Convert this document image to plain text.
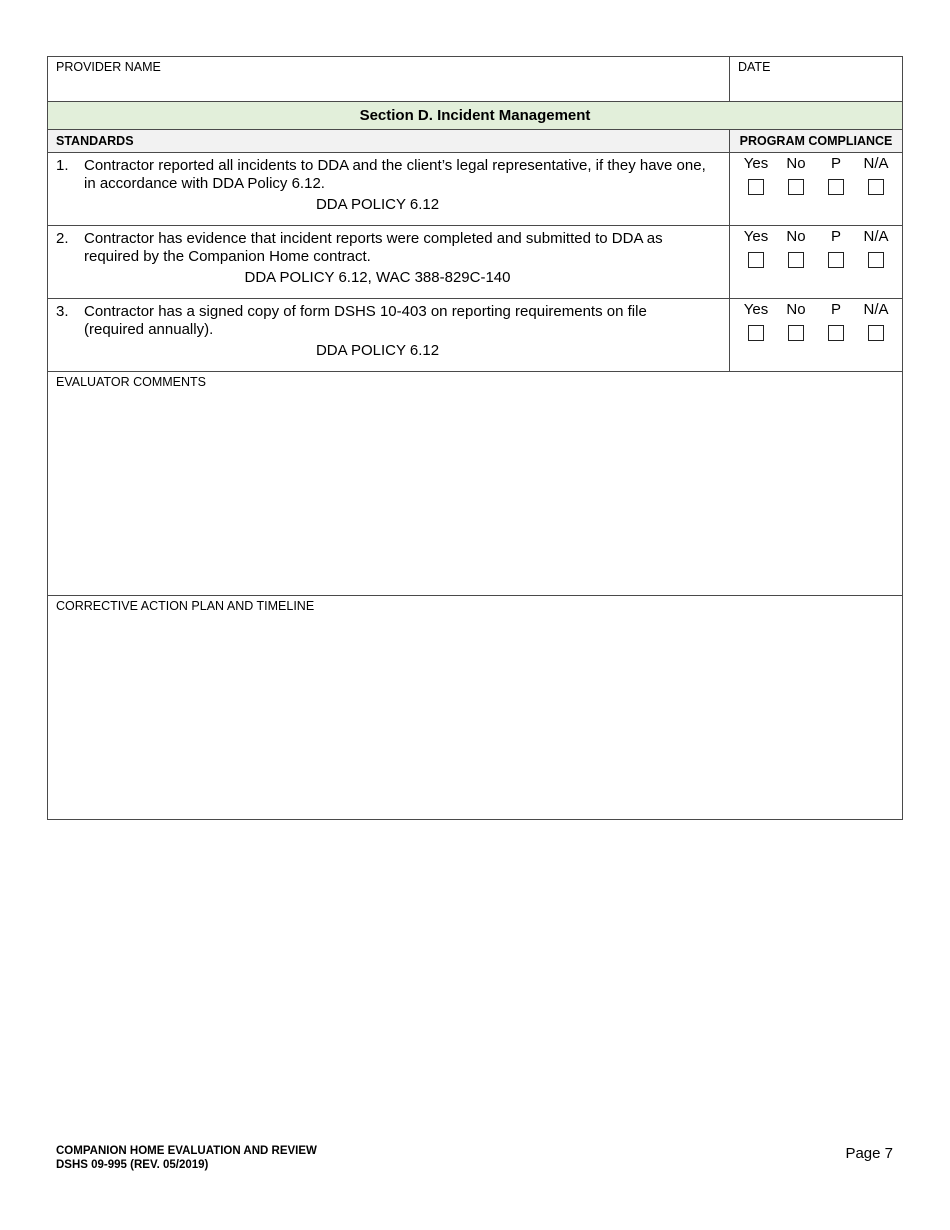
PROVIDER NAME	DATE

Section D. Incident Management	
STANDARDS	PROGRAM COMPLIANCE

1. Contractor reported all incidents to DDA and the client’s legal representative, if they have one, in accordance with DDA Policy 6.12.
DDA POLICY 6.12	Yes No P N/A

2. Contractor has evidence that incident reports were completed and submitted to DDA as required by the Companion Home contract.
DDA POLICY 6.12, WAC 388-829C-140	Yes No P N/A

3. Contractor has a signed copy of form DSHS 10-403 on reporting requirements on file (required annually).
DDA POLICY 6.12	Yes No P N/A

EVALUATOR COMMENTS	

CORRECTIVE ACTION PLAN AND TIMELINE	
COMPANION HOME EVALUATION AND REVIEW
DSHS 09-995 (REV. 05/2019)
Page 7
